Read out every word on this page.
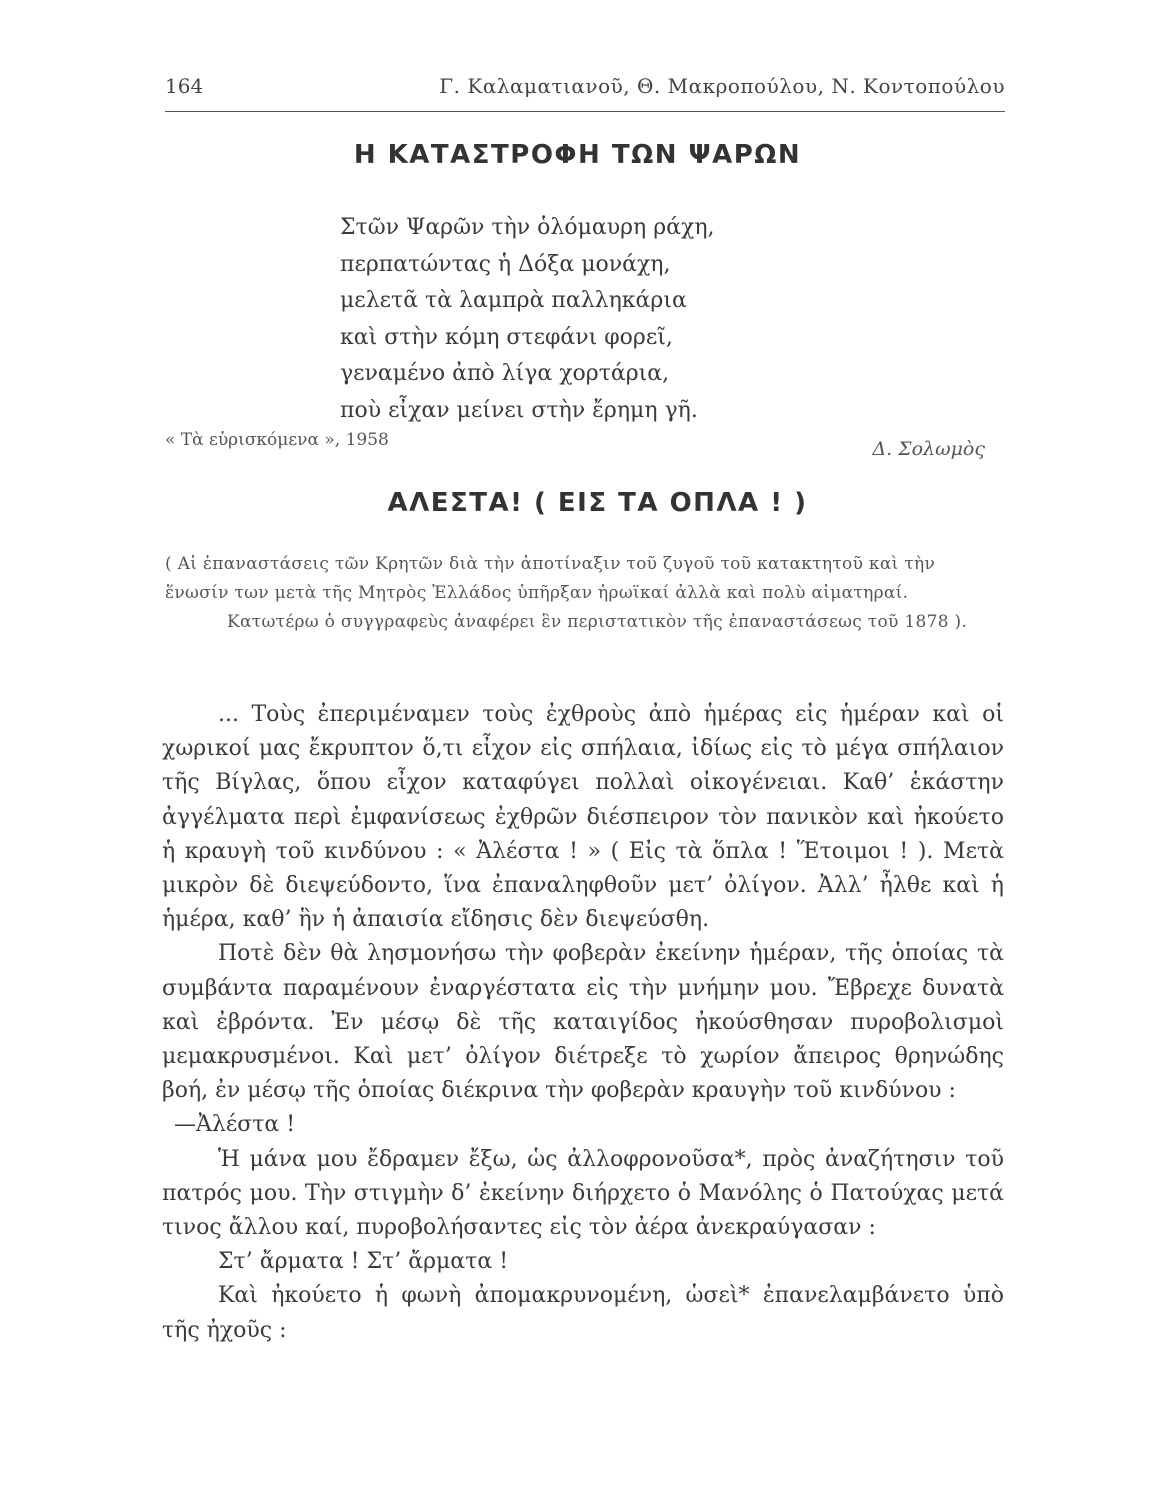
164	Γ. Καλαματιανοῦ, Θ. Μακροπούλου, Ν. Κοντοπούλου
Η ΚΑΤΑΣΤΡΟΦΗ ΤΩΝ ΨΑΡΩΝ
Στῶν Ψαρῶν τὴν ὁλόμαυρη ράχη,
περπατώντας ἡ Δόξα μονάχη,
μελετᾶ τὰ λαμπρὰ παλληκάρια
καὶ στὴν κόμη στεφάνι φορεῖ,
γεναμένο ἀπὸ λίγα χορτάρια,
ποὺ εἶχαν μείνει στὴν ἔρημη γῆ.
« Τὰ εὑρισκόμενα », 1958	Δ. Σολωμὸς
ΑΛΕΣΤΑ! ( ΕΙΣ ΤΑ ΟΠΛΑ ! )

( Αἱ ἐπαναστάσεις τῶν Κρητῶν διὰ τὴν ἀποτίναξιν τοῦ ζυγοῦ τοῦ κατακτητοῦ καὶ τὴν ἕνωσίν των μετὰ τῆς Μητρὸς Ἑλλάδος ὑπῆρξαν ἡρωϊκαί ἀλλὰ καὶ πολὺ αἱματηραί.

Κατωτέρω ὁ συγγραφεὺς ἀναφέρει ἓν περιστατικὸν τῆς ἐπαναστάσεως τοῦ 1878 ).

... Τοὺς ἐπεριμέναμεν τοὺς ἐχθροὺς ἀπὸ ἡμέρας εἰς ἡμέραν καὶ οἱ χωρικοί μας ἔκρυπτον ὅ,τι εἶχον εἰς σπήλαια, ἰδίως εἰς τὸ μέγα σπήλαιον τῆς Βίγλας, ὅπου εἶχον καταφύγει πολλαὶ οἰκογένειαι. Καθ’ ἑκάστην ἀγγέλματα περὶ ἐμφανίσεως ἐχθρῶν διέσπειρον τὸν πανικὸν καὶ ἠκούετο ἡ κραυγὴ τοῦ κινδύνου : « Ἀλέστα ! » ( Εἰς τὰ ὅπλα ! Ἕτοιμοι ! ). Μετὰ μικρὸν δὲ διεψεύδοντο, ἵνα ἐπαναληφθοῦν μετ’ ὀλίγον. Ἀλλ’ ἦλθε καὶ ἡ ἡμέρα, καθ’ ἣν ἡ ἀπαισία εἴδησις δὲν διεψεύσθη.

Ποτὲ δὲν θὰ λησμονήσω τὴν φοβερὰν ἐκείνην ἡμέραν, τῆς ὁποίας τὰ συμβάντα παραμένουν ἐναργέστατα εἰς τὴν μνήμην μου. Ἔβρεχε δυνατὰ καὶ ἐβρόντα. Ἐν μέσῳ δὲ τῆς καταιγίδος ἠκούσθησαν πυροβολισμοὶ μεμακρυσμένοι. Καὶ μετ’ ὀλίγον διέτρεξε τὸ χωρίον ἄπειρος θρηνώδης βοή, ἐν μέσῳ τῆς ὁποίας διέκρινα τὴν φοβερὰν κραυγὴν τοῦ κινδύνου :

—Ἀλέστα !

Ἡ μάνα μου ἔδραμεν ἔξω, ὡς ἀλλοφρονοῦσα*, πρὸς ἀναζήτησιν τοῦ πατρός μου. Τὴν στιγμὴν δ’ ἐκείνην διήρχετο ὁ Μανόλης ὁ Πατούχας μετά τινος ἄλλου καί, πυροβολήσαντες εἰς τὸν ἀέρα ἀνεκραύγασαν :

Στ’ ἄρματα ! Στ’ ἄρματα !

Καὶ ἠκούετο ἡ φωνὴ ἀπομακρυνομένη, ὡσεὶ* ἐπανελαμβάνετο ὑπὸ τῆς ἠχοῦς :
